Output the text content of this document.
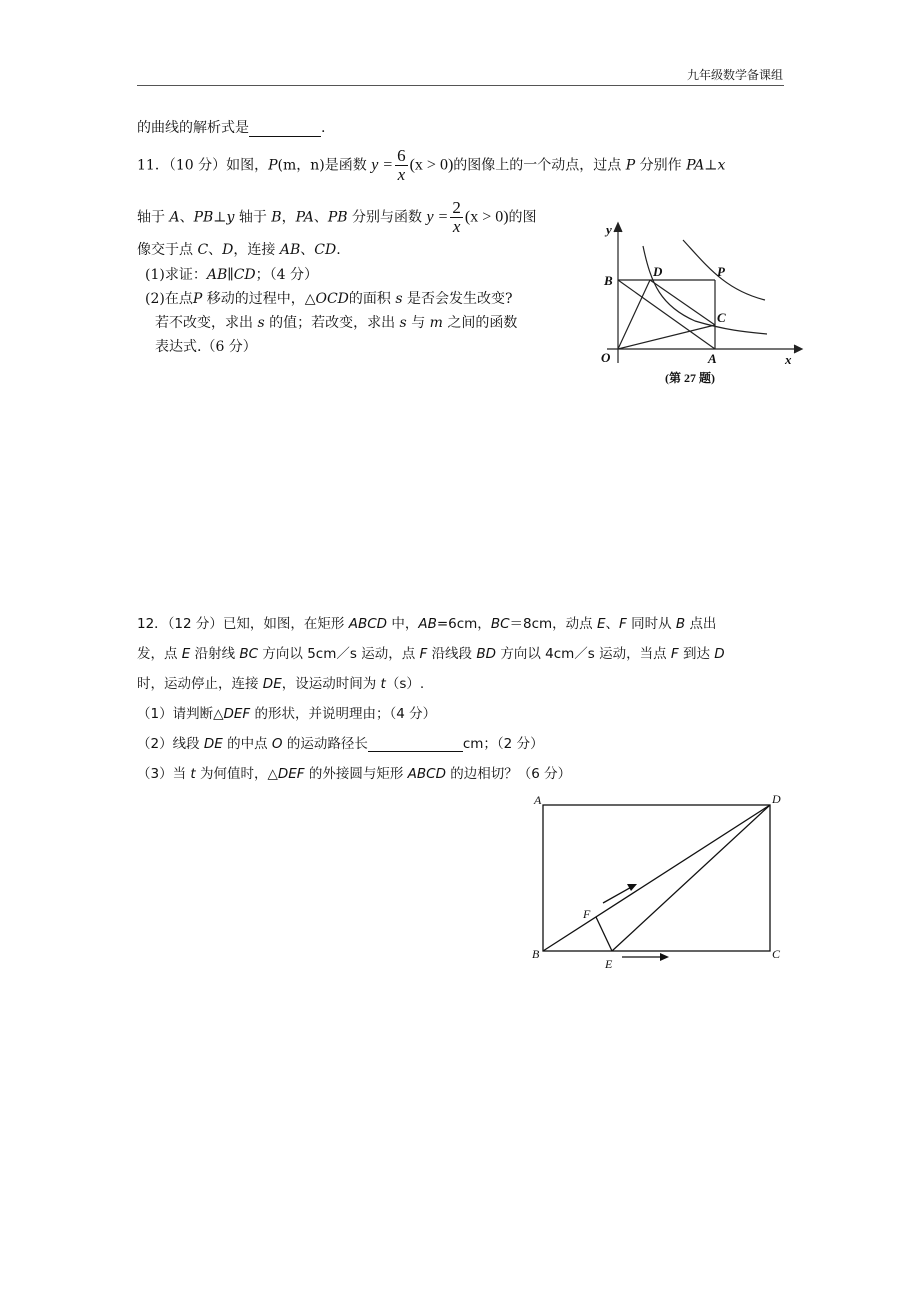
九年级数学备课组
的曲线的解析式是	.
11．（10 分）如图，P(m，n)是函数 $y = \frac{6}{x} (x > 0)$的图像上的一个动点，过点 P 分别作 PA⊥x
轴于 A、PB⊥y 轴于 B，PA、PB 分别与函数 $y = \frac{2}{x} (x > 0)$的图
像交于点 C、D，连接 AB、CD.
(1)求证：AB∥CD；（4 分）
(2)在点P 移动的过程中，△OCD的面积 s 是否会发生改变?
若不改变，求出 s 的值；若改变，求出 s 与 m 之间的函数
表达式.（6 分）
y
x
B
D	P
C
O	A
(第 27 题)
12．（12 分）已知，如图，在矩形 ABCD 中，AB=6cm，BC＝8cm，动点 E、F 同时从 B 点出
发，点 E 沿射线 BC 方向以 5cm／s 运动，点 F 沿线段 BD 方向以 4cm／s 运动，当点 F 到达 D
时，运动停止，连接 DE，设运动时间为 t（s）.
（1）请判断△DEF 的形状，并说明理由；（4 分）
（2）线段 DE 的中点 O 的运动路径长	cm；（2 分）
（3）当 t 为何值时，△DEF 的外接圆与矩形 ABCD 的边相切？（6 分）
A	D
F
B
E
C
